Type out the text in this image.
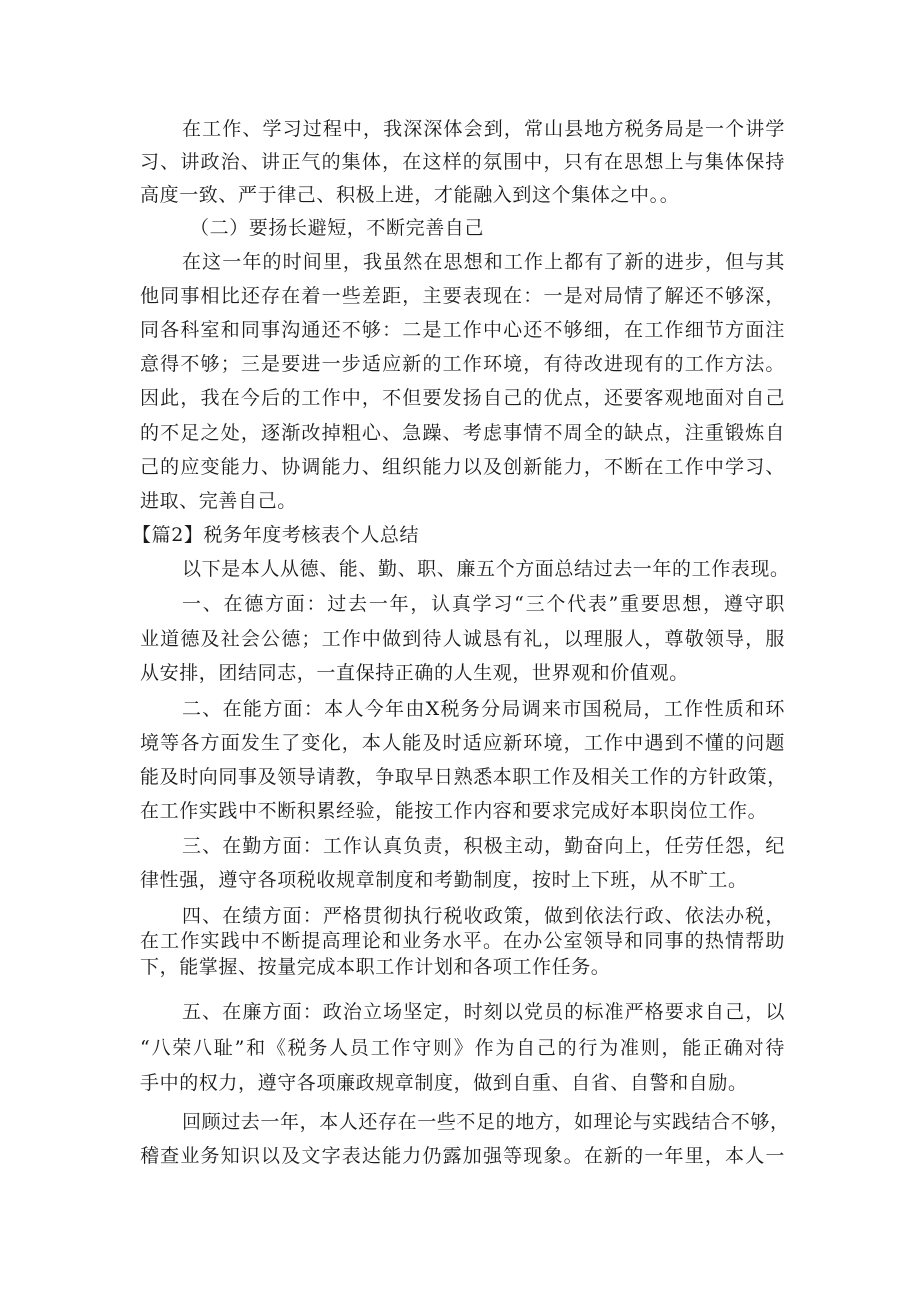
在工作、学习过程中，我深深体会到，常山县地方税务局是一个讲学
习、讲政治、讲正气的集体，在这样的氛围中，只有在思想上与集体保持
高度一致、严于律己、积极上进，才能融入到这个集体之中。。
（二）要扬长避短，不断完善自己
在这一年的时间里，我虽然在思想和工作上都有了新的进步，但与其
他同事相比还存在着一些差距，主要表现在：一是对局情了解还不够深，
同各科室和同事沟通还不够：二是工作中心还不够细，在工作细节方面注
意得不够；三是要进一步适应新的工作环境，有待改进现有的工作方法。
因此，我在今后的工作中，不但要发扬自己的优点，还要客观地面对自己
的不足之处，逐渐改掉粗心、急躁、考虑事情不周全的缺点，注重锻炼自
己的应变能力、协调能力、组织能力以及创新能力，不断在工作中学习、
进取、完善自己。
【篇2】税务年度考核表个人总结
以下是本人从德、能、勤、职、廉五个方面总结过去一年的工作表现。
一、在德方面：过去一年，认真学习“三个代表”重要思想，遵守职
业道德及社会公德；工作中做到待人诚恳有礼，以理服人，尊敬领导，服
从安排，团结同志，一直保持正确的人生观，世界观和价值观。
二、在能方面：本人今年由X税务分局调来市国税局，工作性质和环
境等各方面发生了变化，本人能及时适应新环境，工作中遇到不懂的问题
能及时向同事及领导请教，争取早日熟悉本职工作及相关工作的方针政策，
在工作实践中不断积累经验，能按工作内容和要求完成好本职岗位工作。
三、在勤方面：工作认真负责，积极主动，勤奋向上，任劳任怨，纪
律性强，遵守各项税收规章制度和考勤制度，按时上下班，从不旷工。
四、在绩方面：严格贯彻执行税收政策，做到依法行政、依法办税，
在工作实践中不断提高理论和业务水平。在办公室领导和同事的热情帮助
下，能掌握、按量完成本职工作计划和各项工作任务。
五、在廉方面：政治立场坚定，时刻以党员的标准严格要求自己，以
“八荣八耻”和《税务人员工作守则》作为自己的行为准则，能正确对待
手中的权力，遵守各项廉政规章制度，做到自重、自省、自警和自励。
回顾过去一年，本人还存在一些不足的地方，如理论与实践结合不够，
稽查业务知识以及文字表达能力仍露加强等现象。在新的一年里，本人一
